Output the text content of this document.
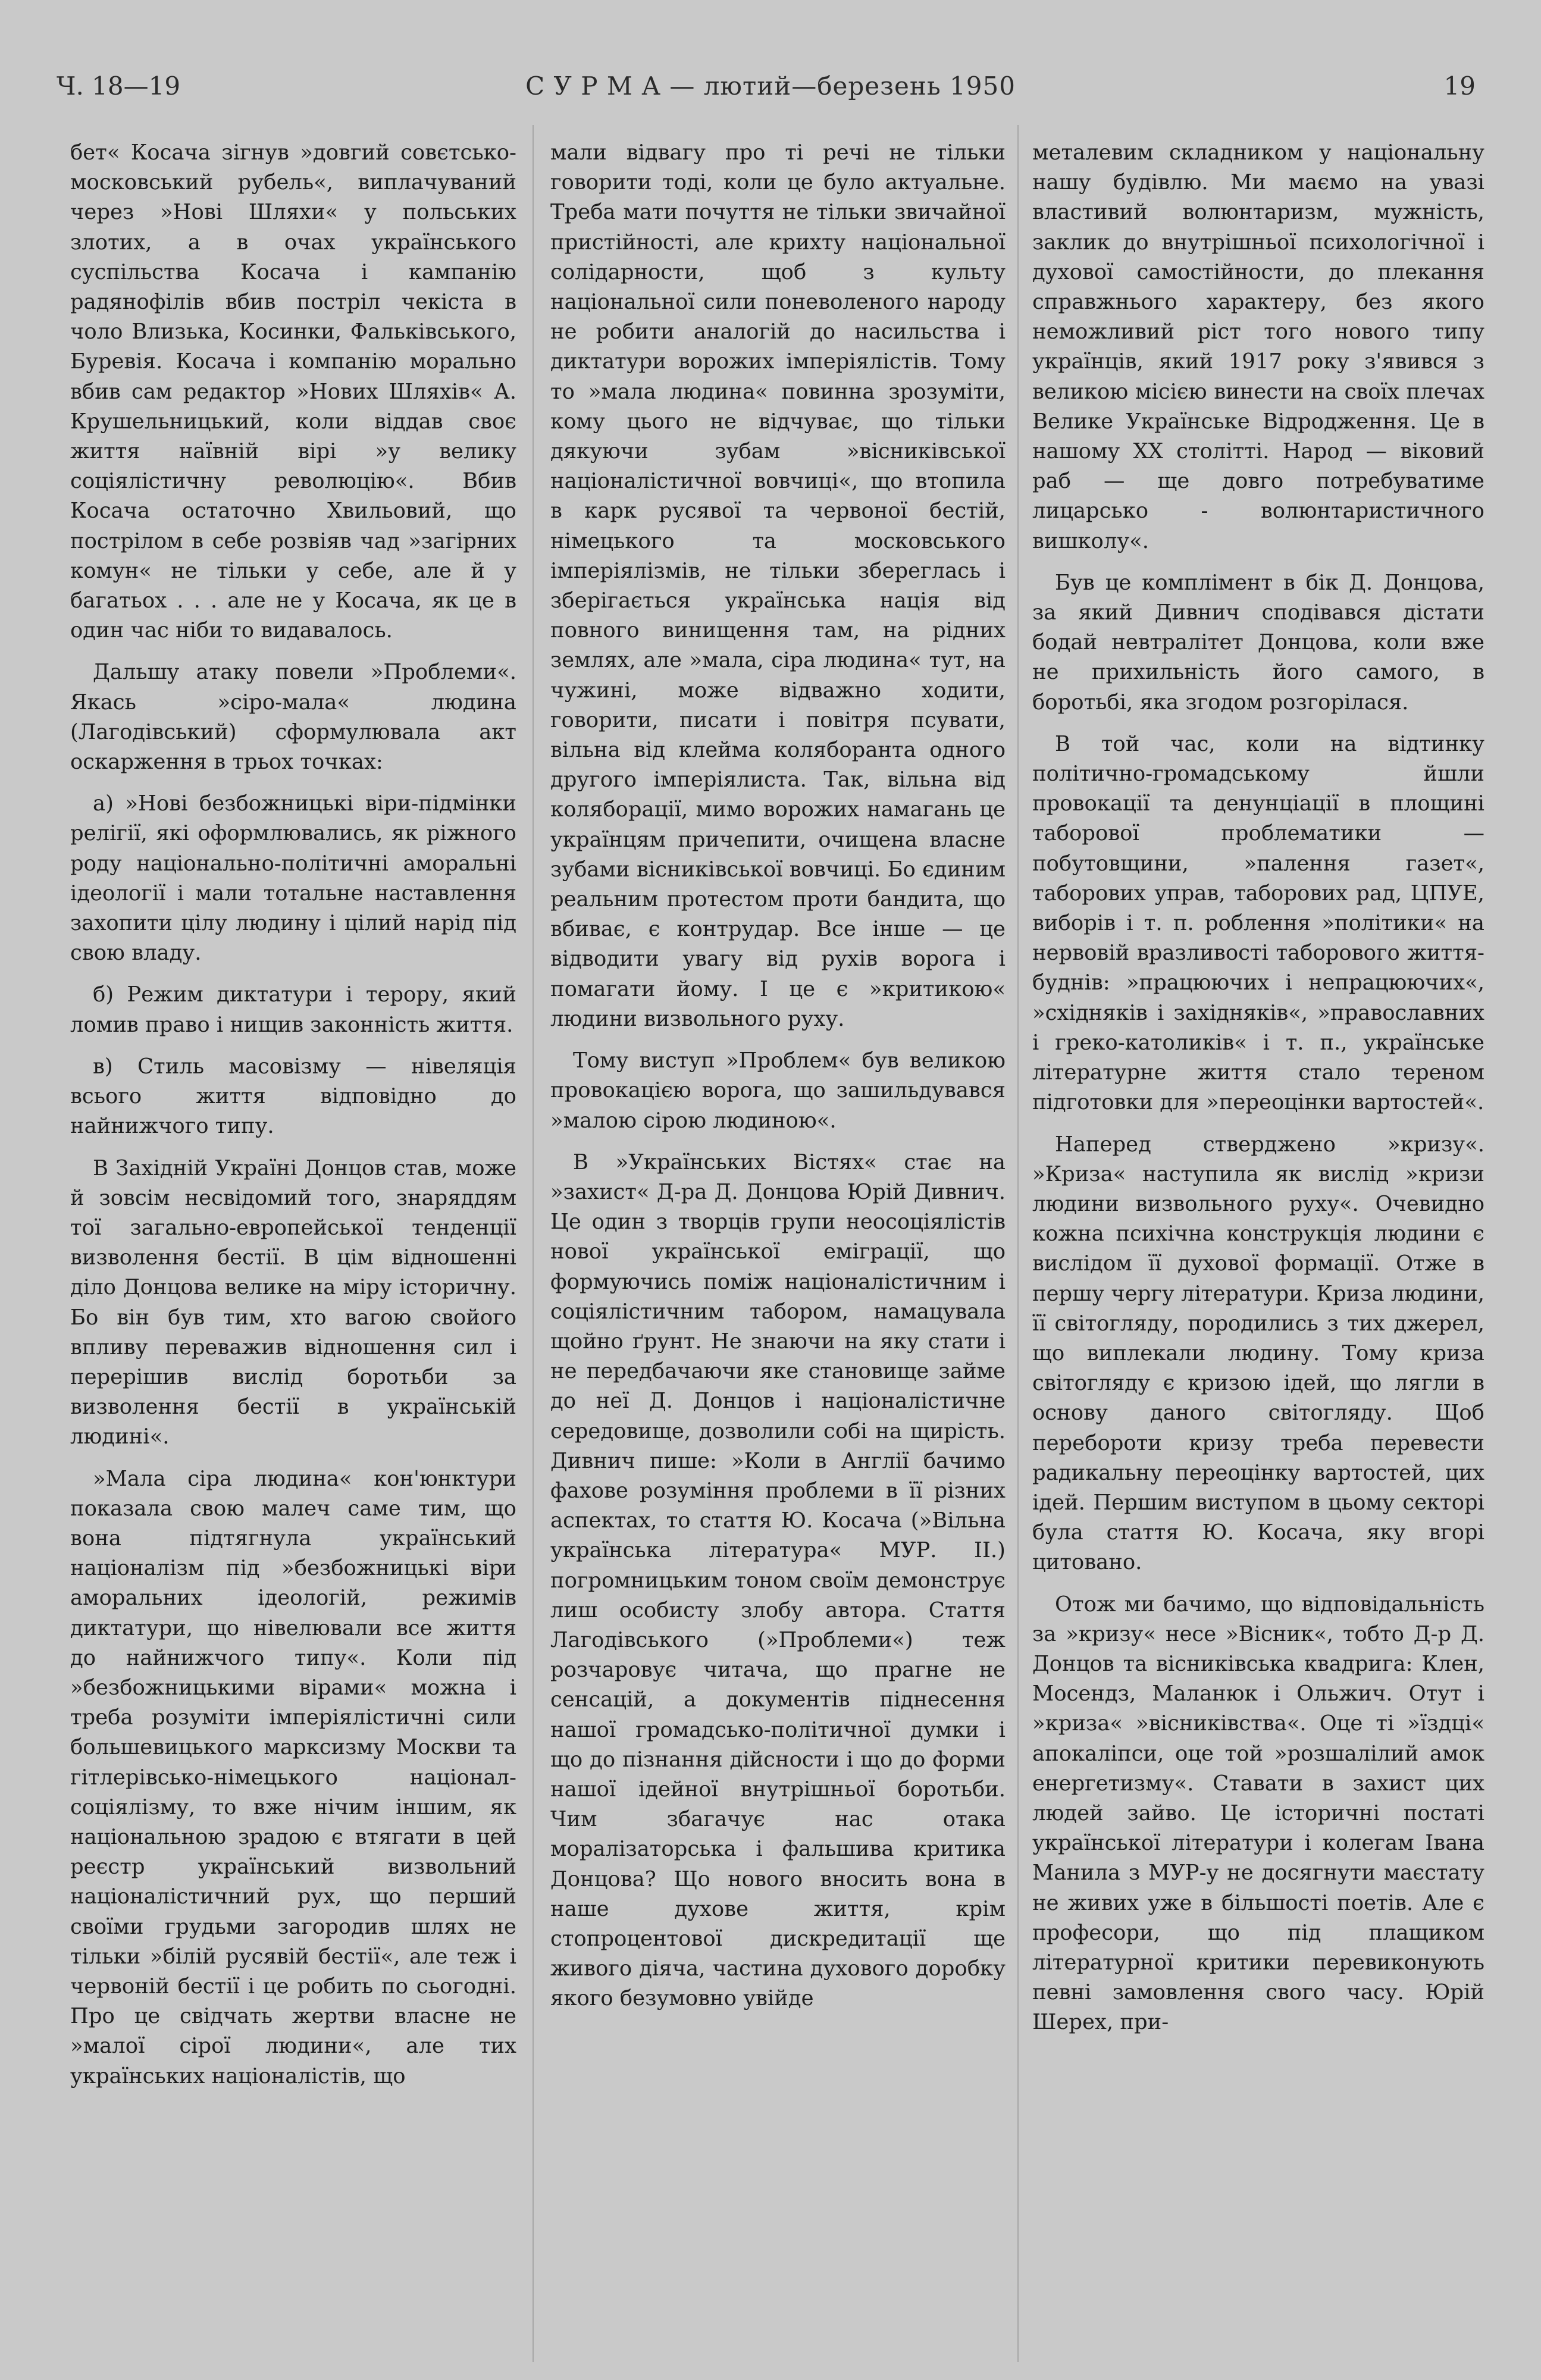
Ч. 18—19	С У Р М А — лютий—березень 1950	19

бет« Косача зігнув »довгий совєтсько-московський рубель«, виплачуваний через »Нові Шляхи« у польських злотих, а в очах українського суспільства Косача і кампанію радянофілів вбив постріл чекіста в чоло Влизька, Косинки, Фальківського, Буревія. Косача і компанію морально вбив сам редактор »Нових Шляхів« А. Крушельницький, коли віддав своє життя наївній вірі »у велику соціялістичну революцію«. Вбив Косача остаточно Хвильовий, що пострілом в себе розвіяв чад »загірних комун« не тільки у себе, але й у багатьох . . . але не у Косача, як це в один час ніби то видавалось.

Дальшу атаку повели »Проблеми«. Якась »сіро-мала« людина (Лагодівський) сформулювала акт оскарження в трьох точках:

а) »Нові безбожницькі віри-підмінки релігії, які оформлювались, як ріжного роду національно-політичні аморальні ідеології і мали тотальне наставлення захопити цілу людину і цілий нарід під свою владу.

б) Режим диктатури і терору, який ломив право і нищив законність життя.

в) Стиль масовізму — нівеляція всього життя відповідно до найнижчого типу.

В Західній Україні Донцов став, може й зовсім несвідомий того, знаряддям тої загально-европейської тенденції визволення бестії. В цім відношенні діло Донцова велике на міру історичну. Бо він був тим, хто вагою свойого впливу переважив відношення сил і перерішив вислід боротьби за визволення бестії в українській людині«.

»Мала сіра людина« кон'юнктури показала свою малеч саме тим, що вона підтягнула український націоналізм під »безбожницькі віри аморальних ідеологій, режимів диктатури, що нівелювали все життя до найнижчого типу«. Коли під »безбожницькими вірами« можна і треба розуміти імперіялістичні сили большевицького марксизму Москви та гітлерівсько-німецького націонал-соціялізму, то вже нічим іншим, як національною зрадою є втягати в цей реєстр український визвольний націоналістичний рух, що перший своїми грудьми загородив шлях не тільки »білій русявій бестії«, але теж і червоній бестії і це робить по сьогодні. Про це свідчать жертви власне не »малої сірої людини«, але тих українських націоналістів, що

мали відвагу про ті речі не тільки говорити тоді, коли це було актуальне. Треба мати почуття не тільки звичайної пристійності, але крихту національної солідарности, щоб з культу національної сили поневоленого народу не робити аналогій до насильства і диктатури ворожих імперіялістів. Тому то »мала людина« повинна зрозуміти, кому цього не відчуває, що тільки дякуючи зубам »вісниківської націоналістичної вовчиці«, що втопила в карк русявої та червоної бестій, німецького та московського імперіялізмів, не тільки збереглась і зберігається українська нація від повного винищення там, на рідних землях, але »мала, сіра людина« тут, на чужині, може відважно ходити, говорити, писати і повітря псувати, вільна від клейма коляборанта одного другого імперіялиста. Так, вільна від коляборації, мимо ворожих намагань це українцям причепити, очищена власне зубами вісниківської вовчиці. Бо єдиним реальним протестом проти бандита, що вбиває, є контрудар. Все інше — це відводити увагу від рухів ворога і помагати йому. І це є »критикою« людини визвольного руху.

Тому виступ »Проблем« був великою провокацією ворога, що зашильдувався »малою сірою людиною«.

В »Українських Вістях« стає на »захист« Д-ра Д. Донцова Юрій Дивнич. Це один з творців групи неосоціялістів нової української еміграції, що формуючись поміж націоналістичним і соціялістичним табором, намацувала щойно ґрунт. Не знаючи на яку стати і не передбачаючи яке становище займе до неї Д. Донцов і націоналістичне середовище, дозволили собі на щирість. Дивнич пише: »Коли в Англії бачимо фахове розуміння проблеми в її різних аспектах, то стаття Ю. Косача (»Вільна українська література« МУР. II.) погромницьким тоном своїм демонструє лиш особисту злобу автора. Стаття Лагодівського (»Проблеми«) теж розчаровує читача, що прагне не сенсацій, а документів піднесення нашої громадсько-політичної думки і що до пізнання дійсности і що до форми нашої ідейної внутрішньої боротьби. Чим збагачує нас отака моралізаторська і фальшива критика Донцова? Що нового вносить вона в наше духове життя, крім стопроцентової дискредитації ще живого діяча, частина духового доробку якого безумовно увійде

металевим складником у національну нашу будівлю. Ми маємо на увазі властивий волюнтаризм, мужність, заклик до внутрішньої психологічної і духової самостійности, до плекання справжнього характеру, без якого неможливий ріст того нового типу українців, який 1917 року з'явився з великою місією винести на своїх плечах Велике Українське Відродження. Це в нашому ХХ столітті. Народ — віковий раб — ще довго потребуватиме лицарсько - волюнтаристичного вишколу«.

Був це комплімент в бік Д. Донцова, за який Дивнич сподівався дістати бодай невтралітет Донцова, коли вже не прихильність його самого, в боротьбі, яка згодом розгорілася.

В той час, коли на відтинку політично-громадському йшли провокації та денунціації в площині таборової проблематики — побутовщини, »палення газет«, таборових управ, таборових рад, ЦПУЕ, виборів і т. п. роблення »політики« на нервовій вразливості таборового життя-буднів: »працюючих і непрацюючих«, »східняків і західняків«, »православних і греко-католиків« і т. п., українське літературне життя стало тереном підготовки для »переоцінки вартостей«.

Наперед стверджено »кризу«. »Криза« наступила як вислід »кризи людини визвольного руху«. Очевидно кожна психічна конструкція людини є вислідом її духової формації. Отже в першу чергу літератури. Криза людини, її світогляду, породились з тих джерел, що виплекали людину. Тому криза світогляду є кризою ідей, що лягли в основу даного світогляду. Щоб перебороти кризу треба перевести радикальну переоцінку вартостей, цих ідей. Першим виступом в цьому секторі була стаття Ю. Косача, яку вгорі цитовано.

Отож ми бачимо, що відповідальність за »кризу« несе »Вісник«, тобто Д-р Д. Донцов та вісниківська квадрига: Клен, Мосендз, Маланюк і Ольжич. Отут і »криза« »вісниківства«. Оце ті »їздці« апокаліпси, оце той »розшалілий амок енергетизму«. Ставати в захист цих людей зайво. Це історичні постаті української літератури і колегам Івана Манила з МУР-у не досягнути маєстату не живих уже в більшості поетів. Але є професори, що під плащиком літературної критики перевиконують певні замовлення свого часу. Юрій Шерех, при-
